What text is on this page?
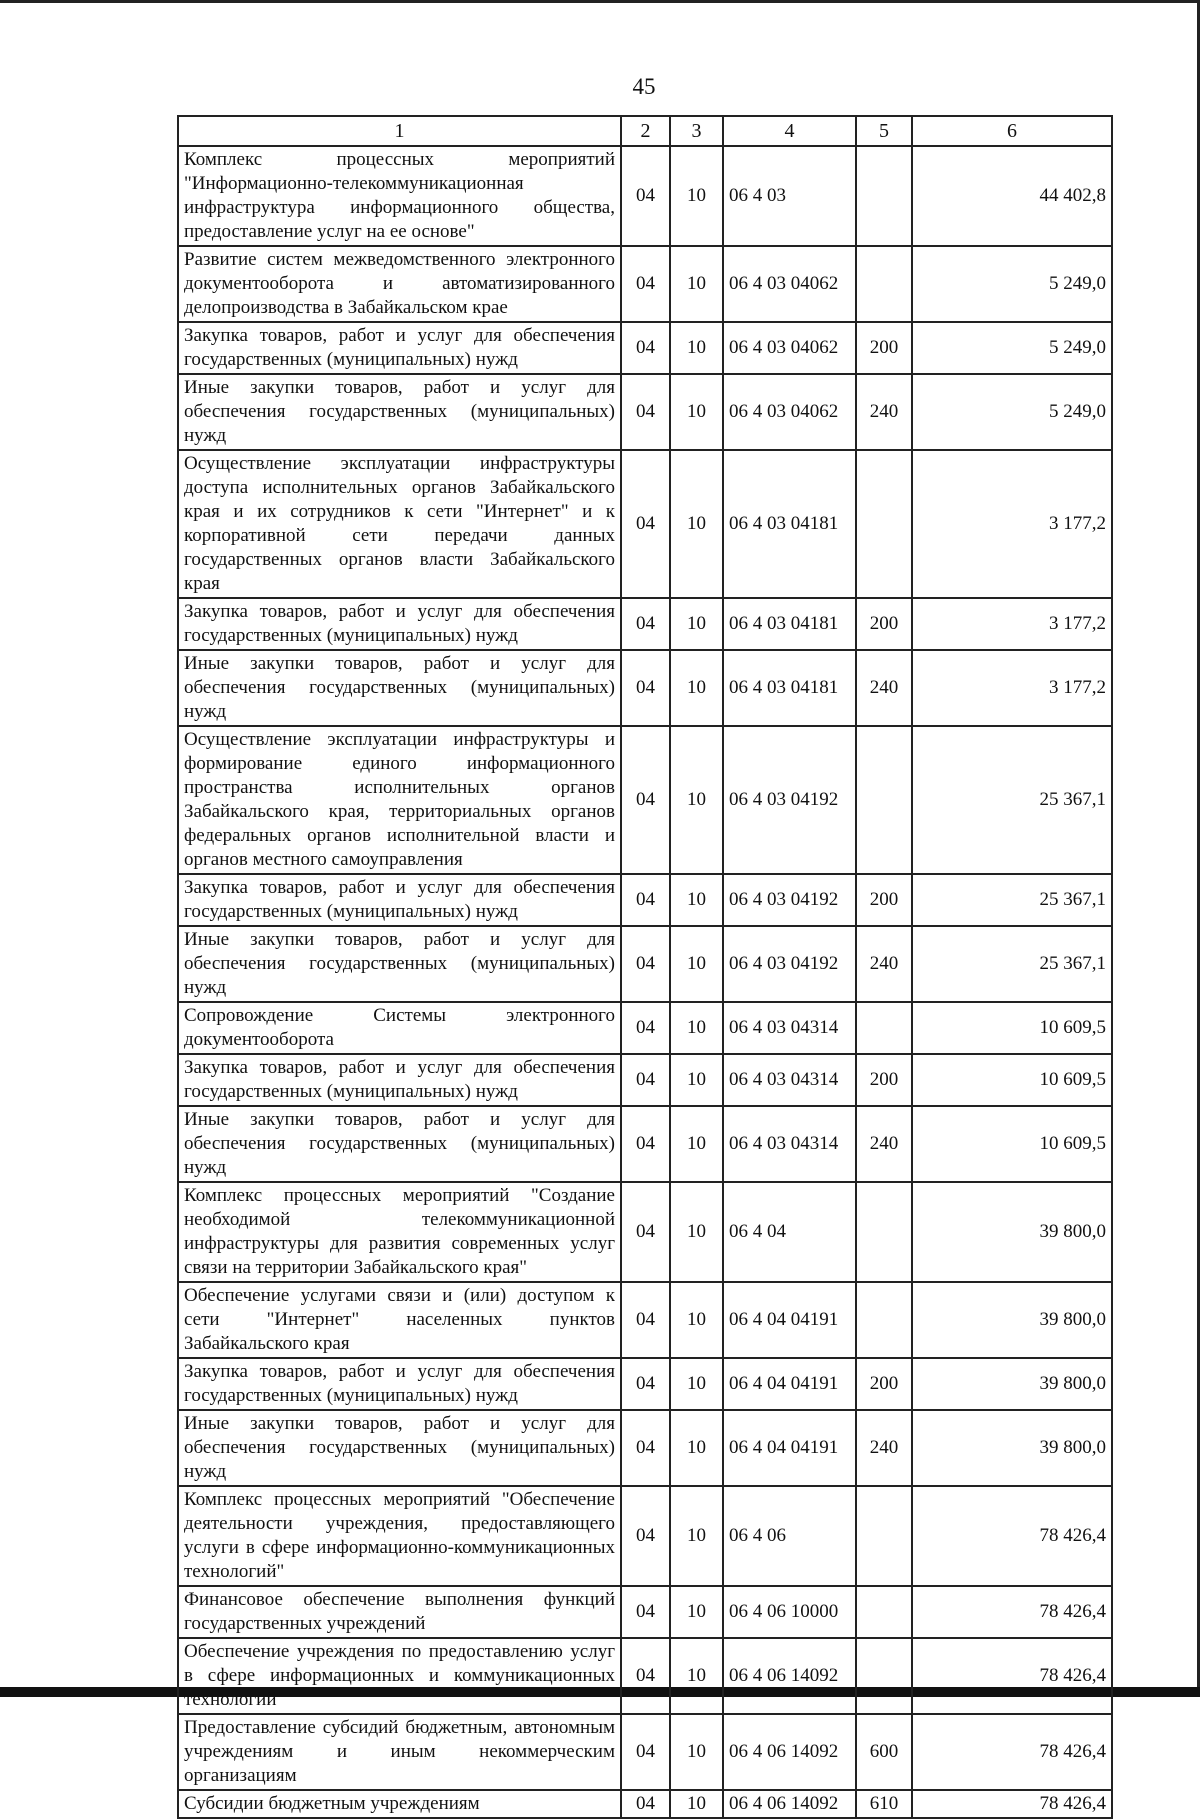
45
1	2	3	4	5	6
Комплекс процессных мероприятий "Информационно-телекоммуникационная инфраструктура информационного общества, предоставление услуг на ее основе"	04	10	06 4 03		44 402,8
Развитие систем межведомственного электронного документооборота и автоматизированного делопроизводства в Забайкальском крае	04	10	06 4 03 04062		5 249,0
Закупка товаров, работ и услуг для обеспечения государственных (муниципальных) нужд	04	10	06 4 03 04062	200	5 249,0
Иные закупки товаров, работ и услуг для обеспечения государственных (муниципальных) нужд	04	10	06 4 03 04062	240	5 249,0
Осуществление эксплуатации инфраструктуры доступа исполнительных органов Забайкальского края и их сотрудников к сети "Интернет" и к корпоративной сети передачи данных государственных органов власти Забайкальского края	04	10	06 4 03 04181		3 177,2
Закупка товаров, работ и услуг для обеспечения государственных (муниципальных) нужд	04	10	06 4 03 04181	200	3 177,2
Иные закупки товаров, работ и услуг для обеспечения государственных (муниципальных) нужд	04	10	06 4 03 04181	240	3 177,2
Осуществление эксплуатации инфраструктуры и формирование единого информационного пространства исполнительных органов Забайкальского края, территориальных органов федеральных органов исполнительной власти и органов местного самоуправления	04	10	06 4 03 04192		25 367,1
Закупка товаров, работ и услуг для обеспечения государственных (муниципальных) нужд	04	10	06 4 03 04192	200	25 367,1
Иные закупки товаров, работ и услуг для обеспечения государственных (муниципальных) нужд	04	10	06 4 03 04192	240	25 367,1
Сопровождение Системы электронного документооборота	04	10	06 4 03 04314		10 609,5
Закупка товаров, работ и услуг для обеспечения государственных (муниципальных) нужд	04	10	06 4 03 04314	200	10 609,5
Иные закупки товаров, работ и услуг для обеспечения государственных (муниципальных) нужд	04	10	06 4 03 04314	240	10 609,5
Комплекс процессных мероприятий "Создание необходимой телекоммуникационной инфраструктуры для развития современных услуг связи на территории Забайкальского края"	04	10	06 4 04		39 800,0
Обеспечение услугами связи и (или) доступом к сети "Интернет" населенных пунктов Забайкальского края	04	10	06 4 04 04191		39 800,0
Закупка товаров, работ и услуг для обеспечения государственных (муниципальных) нужд	04	10	06 4 04 04191	200	39 800,0
Иные закупки товаров, работ и услуг для обеспечения государственных (муниципальных) нужд	04	10	06 4 04 04191	240	39 800,0
Комплекс процессных мероприятий "Обеспечение деятельности учреждения, предоставляющего услуги в сфере информационно-коммуникационных технологий"	04	10	06 4 06		78 426,4
Финансовое обеспечение выполнения функций государственных учреждений	04	10	06 4 06 10000		78 426,4
Обеспечение учреждения по предоставлению услуг в сфере информационных и коммуникационных технологий	04	10	06 4 06 14092		78 426,4
Предоставление субсидий бюджетным, автономным учреждениям и иным некоммерческим организациям	04	10	06 4 06 14092	600	78 426,4
Субсидии бюджетным учреждениям	04	10	06 4 06 14092	610	78 426,4
